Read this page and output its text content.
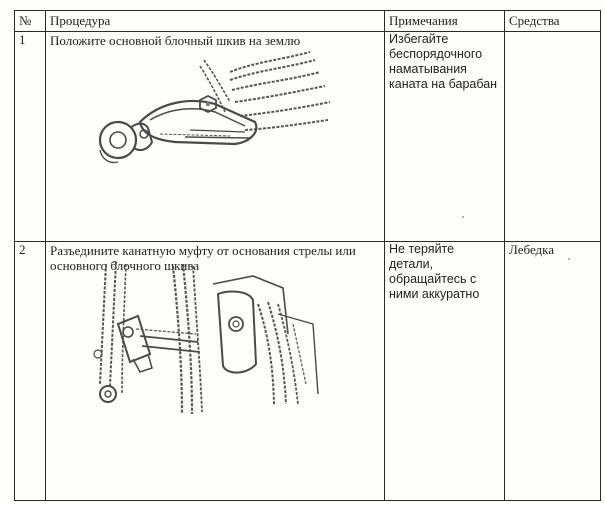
№	Процедура	Примечания	Средства
1	Положите основной блочный шкив на землю	Избегайте беспорядочного наматывания каната на барабан	
2	Разъедините канатную муфту от основания стрелы или основного блочного шкива	Не теряйте детали, обращайтесь с ними аккуратно	Лебедка
